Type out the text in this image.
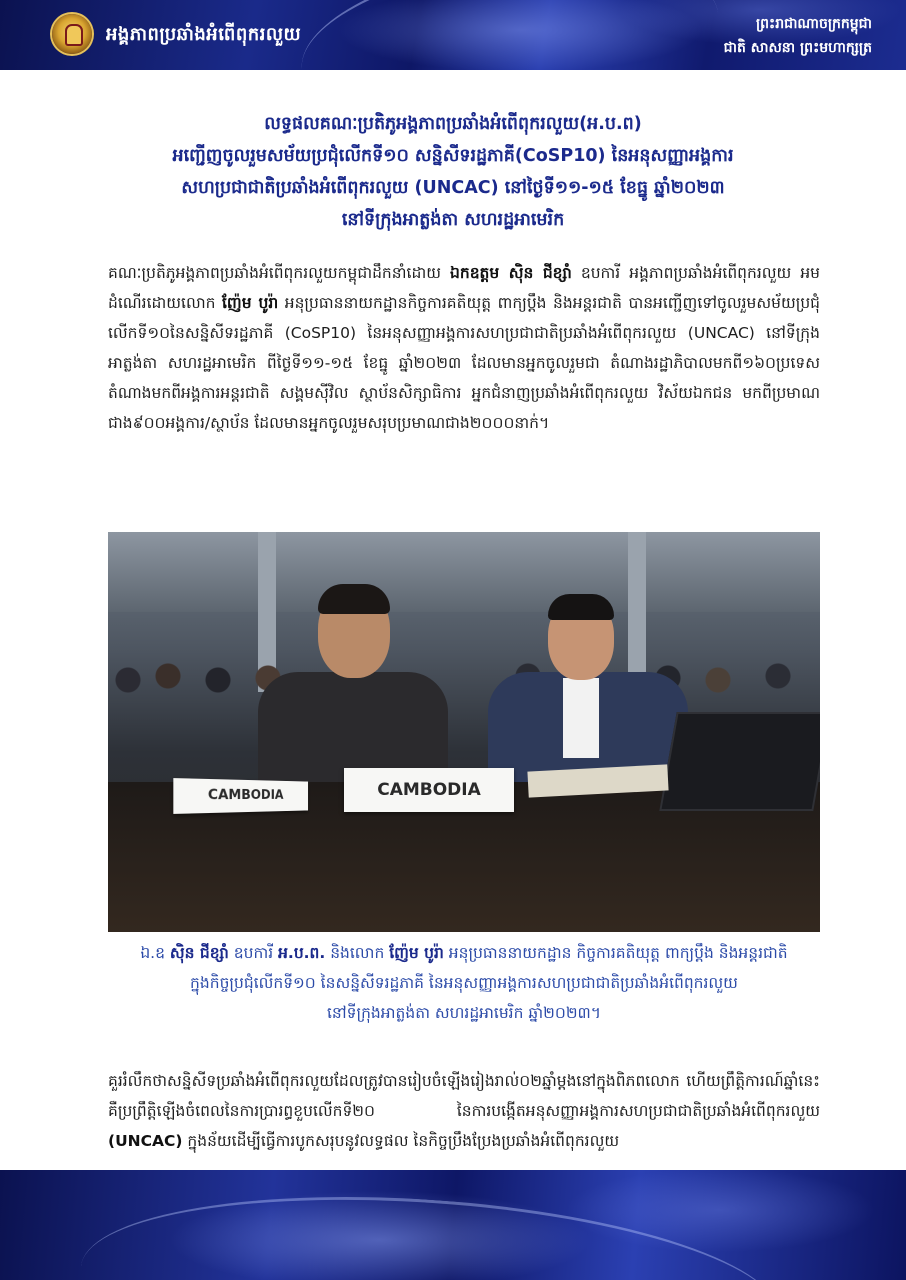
អង្គភាពប្រឆាំងអំពើពុករលួយ	ព្រះរាជាណាចក្រកម្ពុជា
ជាតិ សាសនា ព្រះមហាក្សត្រ
លទ្ធផលគណៈប្រតិភូអង្គភាពប្រឆាំងអំពើពុករលួយ(អ.ប.ព)
អញ្ជើញចូលរួមសម័យប្រជុំលើកទី១០ សន្និសីទរដ្ឋភាគី(CoSP10) នៃអនុសញ្ញាអង្គការ
សហប្រជាជាតិប្រឆាំងអំពើពុករលួយ (UNCAC) នៅថ្ងៃទី១១-១៥ ខែធ្នូ ឆ្នាំ២០២៣
នៅទីក្រុងអាត្លង់តា សហរដ្ឋអាមេរិក
គណៈប្រតិភូអង្គភាពប្រឆាំងអំពើពុករលួយកម្ពុជាដឹកនាំដោយ ឯកឧត្តម ស៊ិន ជីខ្សាំ ឧបការី អង្គភាពប្រឆាំងអំពើពុករលួយ អមដំណើរដោយលោក ញ៉ែម បូរ៉ា អនុប្រធាននាយកដ្ឋានកិច្ចការគតិយុត្ត ពាក្យប្តឹង និងអន្តរជាតិ បានអញ្ជើញទៅចូលរួមសម័យប្រជុំលើកទី១០នៃសន្និសីទរដ្ឋភាគី (CoSP10) នៃអនុសញ្ញាអង្គការសហប្រជាជាតិប្រឆាំងអំពើពុករលួយ (UNCAC) នៅទីក្រុងអាត្លង់តា សហរដ្ឋអាមេរិក ពីថ្ងៃទី១១-១៥ ខែធ្នូ ឆ្នាំ២០២៣ ដែលមានអ្នកចូលរួមជា តំណាងរដ្ឋាភិបាលមកពី១៦០ប្រទេស តំណាងមកពីអង្គការអន្តរជាតិ សង្គមស៊ីវិល ស្ថាប័នសិក្សាធិការ អ្នកជំនាញប្រឆាំងអំពើពុករលួយ វិស័យឯកជន មកពីប្រមាណជាង៩០០អង្គការ/ស្ថាប័ន ដែលមានអ្នកចូលរួមសរុបប្រមាណជាង២០០០នាក់។
CAMBODIA	CAMBODIA
ឯ.ឧ ស៊ិន ជីខ្សាំ ឧបការី អ.ប.ព. និងលោក ញ៉ែម បូរ៉ា អនុប្រធាននាយកដ្ឋាន កិច្ចការគតិយុត្ត ពាក្យប្តឹង និងអន្តរជាតិ
ក្នុងកិច្ចប្រជុំលើកទី១០ នៃសន្និសីទរដ្ឋភាគី នៃអនុសញ្ញាអង្គការសហប្រជាជាតិប្រឆាំងអំពើពុករលួយ
នៅទីក្រុងអាត្លង់តា សហរដ្ឋអាមេរិក ឆ្នាំ២០២៣។
គួររំលឹកថាសន្និសីទប្រឆាំងអំពើពុករលួយដែលត្រូវបានរៀបចំឡើងរៀងរាល់០២ឆ្នាំម្តងនៅក្នុងពិភពលោក ហើយព្រឹត្តិការណ៍ឆ្នាំនេះ គឺប្រព្រឹត្តិឡើងចំពេលនៃការប្រារព្ធខួបលើកទី២០ នៃការបង្កើតអនុសញ្ញាអង្គការសហប្រជាជាតិប្រឆាំងអំពើពុករលួយ (UNCAC) ក្នុងន័យដើម្បីធ្វើការបូកសរុបនូវលទ្ធផល នៃកិច្ចប្រឹងប្រែងប្រឆាំងអំពើពុករលួយ
